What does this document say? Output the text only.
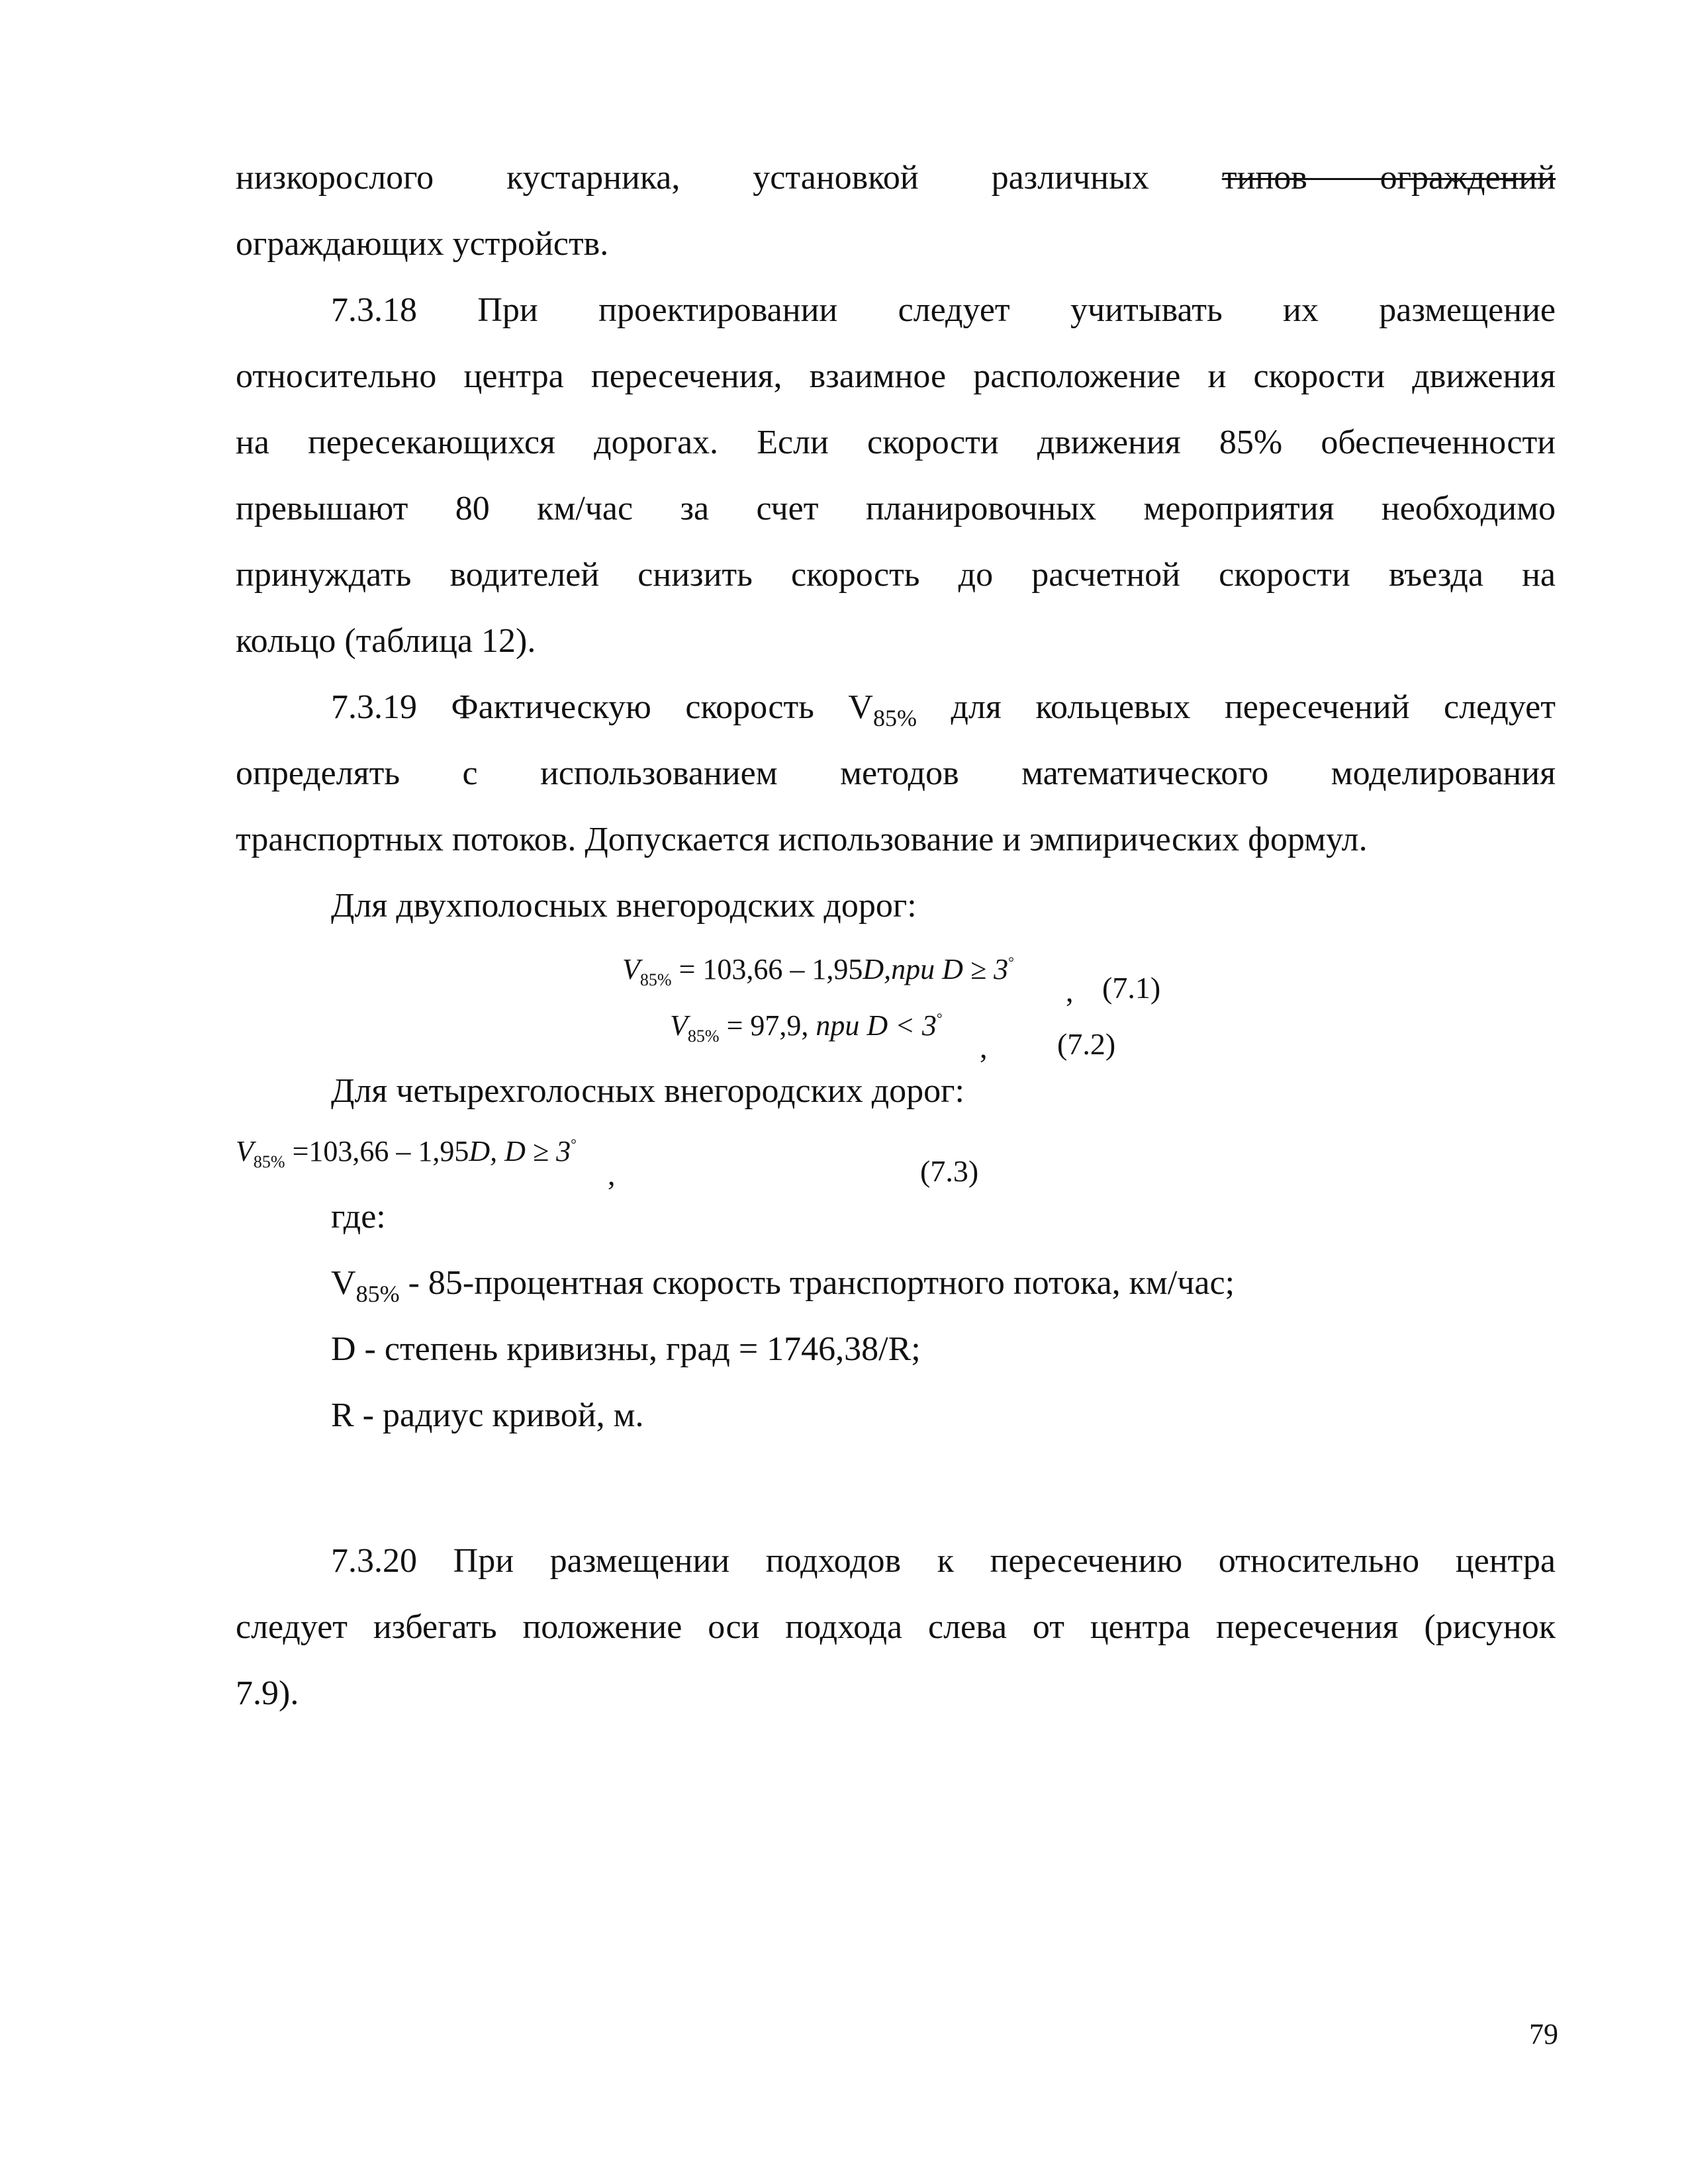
низкорослого кустарника, установкой различных типов ограждений
ограждающих устройств.
7.3.18 При проектировании следует учитывать их размещение
относительно центра пересечения, взаимное расположение и скорости движения
на пересекающихся дорогах. Если скорости движения 85% обеспеченности
превышают 80 км/час за счет планировочных мероприятия необходимо
принуждать водителей снизить скорость до расчетной скорости въезда на
кольцо (таблица 12).
7.3.19 Фактическую скорость $V_{85\%}$ для кольцевых пересечений следует
определять с использованием методов математического моделирования
транспортных потоков. Допускается использование и эмпирических формул.
Для двухполосных внегородских дорог:
$V_{85\%} = 103,66 - 1,95D,при$ D ≥ 3°
, (7.1)
$V_{85\%} = 97,9$, при D < 3°
, (7.2)
Для четырехголосных внегородских дорог:
$V_{85\%} =103,66 - 1,95D$, D ≥ 3°
,	(7.3)
где:
$V_{85\%}$ - 85-процентная скорость транспортного потока, км/час;
D - степень кривизны, град = 1746,38/R;
R - радиус кривой, м.
7.3.20 При размещении подходов к пересечению относительно центра
следует избегать положение оси подхода слева от центра пересечения (рисунок
7.9).
79
